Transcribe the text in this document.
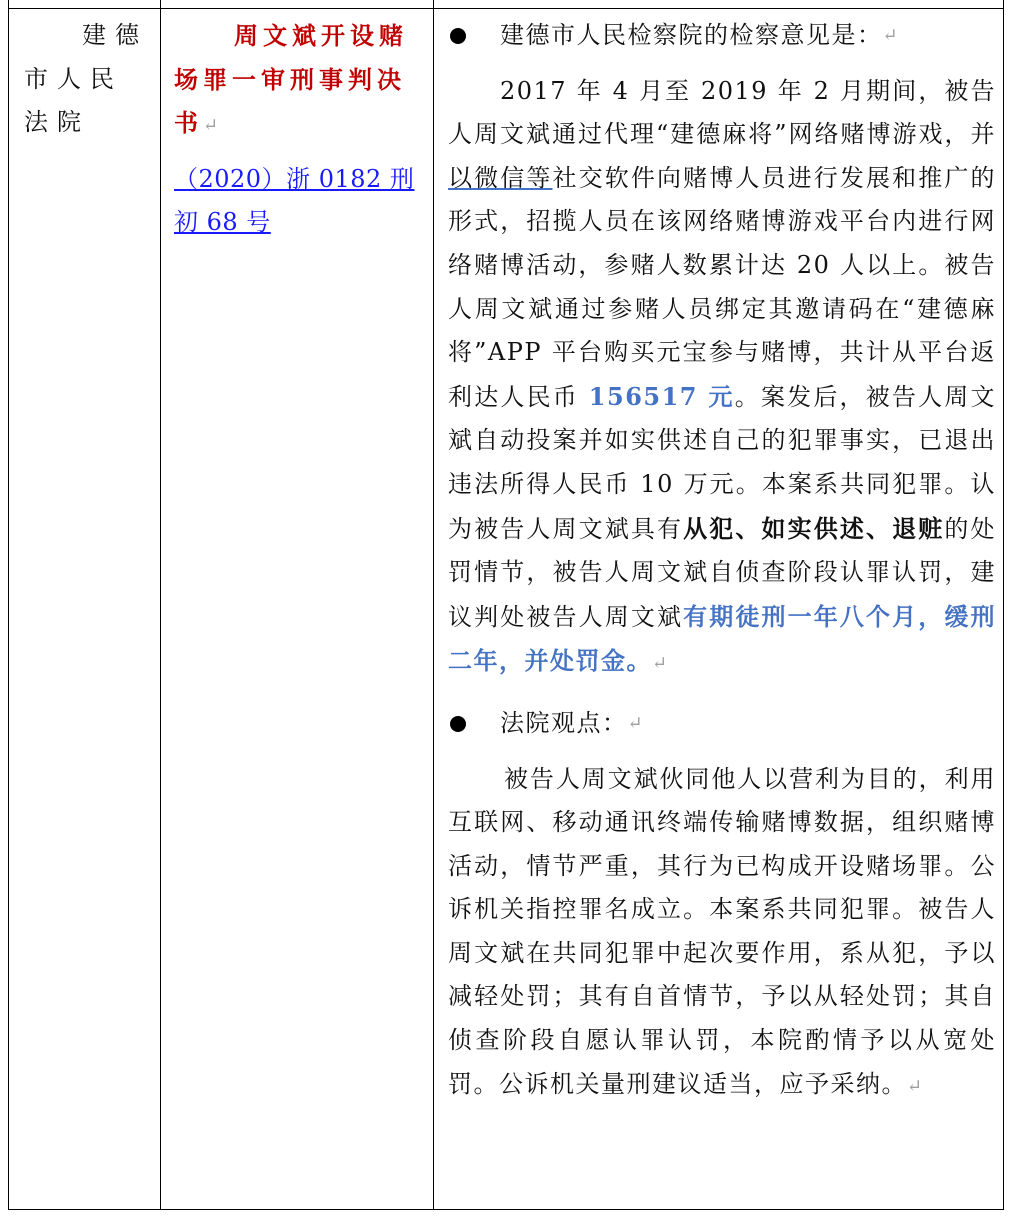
建德市人民法院
周文斌开设赌场罪一审刑事判决书↵
（2020）浙 0182 刑初 68 号
建德市人民检察院的检察意见是： ↵
2017 年 4 月至 2019 年 2 月期间，被告人周文斌通过代理“建德麻将”网络赌博游戏，并以微信等社交软件向赌博人员进行发展和推广的形式，招揽人员在该网络赌博游戏平台内进行网络赌博活动，参赌人数累计达 20 人以上。被告人周文斌通过参赌人员绑定其邀请码在“建德麻将”APP 平台购买元宝参与赌博，共计从平台返利达人民币 156517 元。案发后，被告人周文斌自动投案并如实供述自己的犯罪事实，已退出违法所得人民币 10 万元。本案系共同犯罪。认为被告人周文斌具有从犯、如实供述、退赃的处罚情节，被告人周文斌自侦查阶段认罪认罚，建议判处被告人周文斌有期徒刑一年八个月，缓刑二年，并处罚金。↵
法院观点： ↵
被告人周文斌伙同他人以营利为目的，利用互联网、移动通讯终端传输赌博数据，组织赌博活动，情节严重，其行为已构成开设赌场罪。公诉机关指控罪名成立。本案系共同犯罪。被告人周文斌在共同犯罪中起次要作用，系从犯，予以减轻处罚；其有自首情节，予以从轻处罚；其自侦查阶段自愿认罪认罚，本院酌情予以从宽处罚。公诉机关量刑建议适当，应予采纳。↵
